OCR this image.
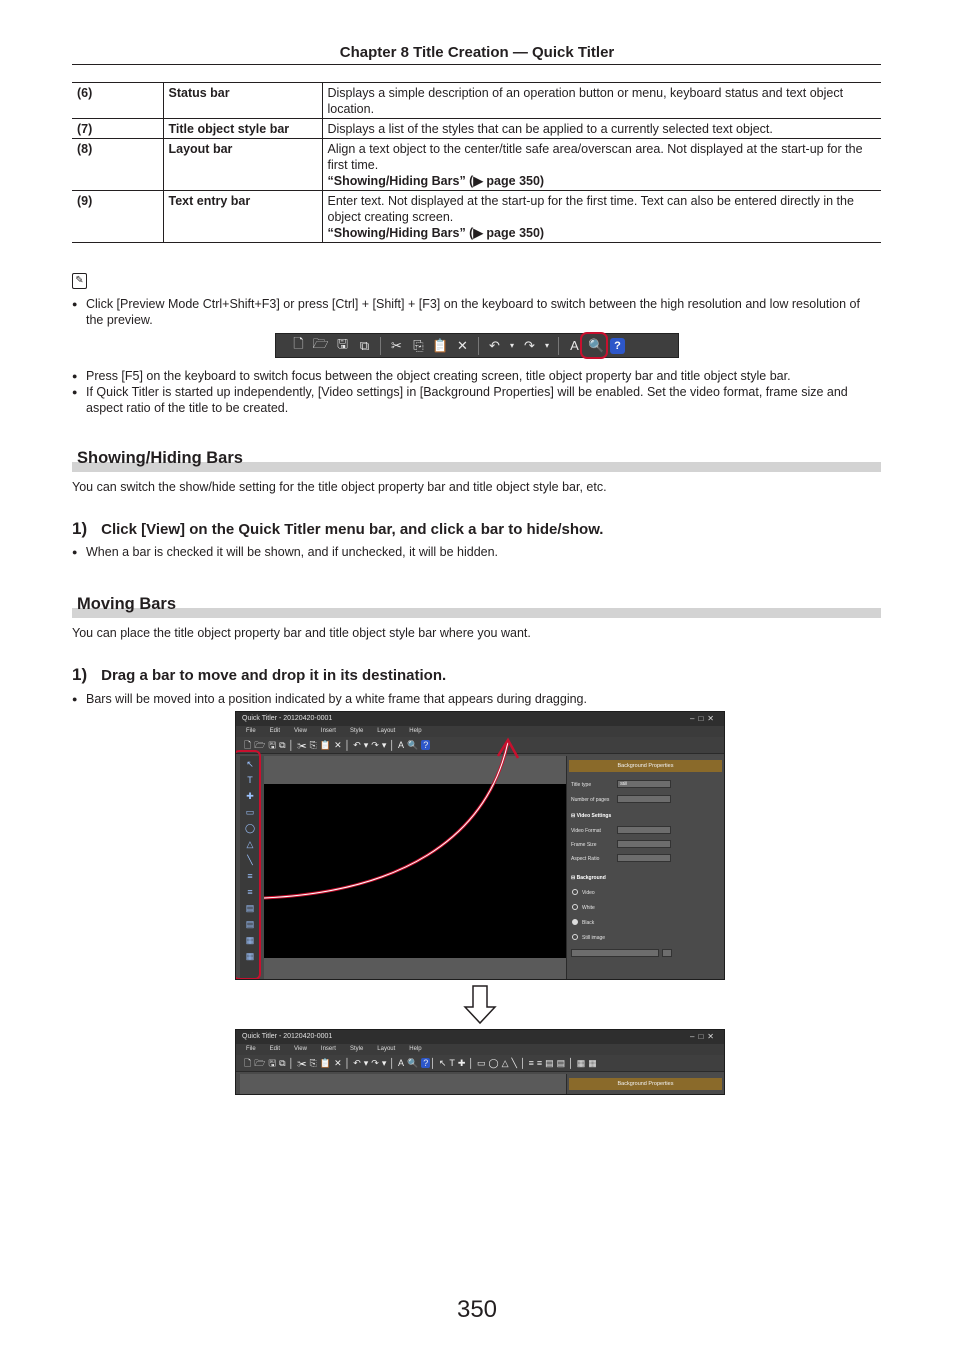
Chapter 8 Title Creation — Quick Titler
(6)	Status bar	Displays a simple description of an operation button or menu, keyboard status and text object location.
(7)	Title object style bar	Displays a list of the styles that can be applied to a currently selected text object.
(8)	Layout bar	Align a text object to the center/title safe area/overscan area. Not displayed at the start-up for the first time.
“Showing/Hiding Bars” (▶ page 350)

(9)	Text entry bar	Enter text. Not displayed at the start-up for the first time. Text can also be entered directly in the object creating screen.
“Showing/Hiding Bars” (▶ page 350)
✎
● Click [Preview Mode Ctrl+Shift+F3] or press [Ctrl] + [Shift] + [F3] on the keyboard to switch between the high resolution and low resolution of the preview.
🗋 🗁 🖫 ⧉ ✂ ⎘ 📋 ✕ ↶	▾ ↷	▾	A 🔍 ?
● Press [F5] on the keyboard to switch focus between the object creating screen, title object property bar and title object style bar.
● If Quick Titler is started up independently, [Video settings] in [Background Properties] will be enabled. Set the video format, frame size and aspect ratio of the title to be created.
Showing/Hiding Bars
You can switch the show/hide setting for the title object property bar and title object style bar, etc.
1) Click [View] on the Quick Titler menu bar, and click a bar to hide/show.
● When a bar is checked it will be shown, and if unchecked, it will be hidden.
Moving Bars
You can place the title object property bar and title object style bar where you want.
1) Drag a bar to move and drop it in its destination.
● Bars will be moved into a position indicated by a white frame that appears during dragging.
Quick Titler - 20120420-0001	–□✕
File Edit View Insert Style Layout Help
🗋🗁🖫⧉│✂⎘📋✕│↶▾↷▾│A🔍 ?
↖
T
✚
▭
◯
△
╲
≡
≡
▤
▤
▦
▦
Background Properties
Title type	Still
Number of pages
⊟ Video Settings
Video Format
Frame Size
Aspect Ratio
⊟ Background
Video
White
Black
Still image
Quick Titler - 20120420-0001	–□✕
File Edit View Insert Style Layout Help
🗋🗁🖫⧉│✂⎘📋✕│↶▾↷▾│A🔍 ? │↖T✚│▭◯△╲│≡≡▤▤│▦▦
Background Properties
350
